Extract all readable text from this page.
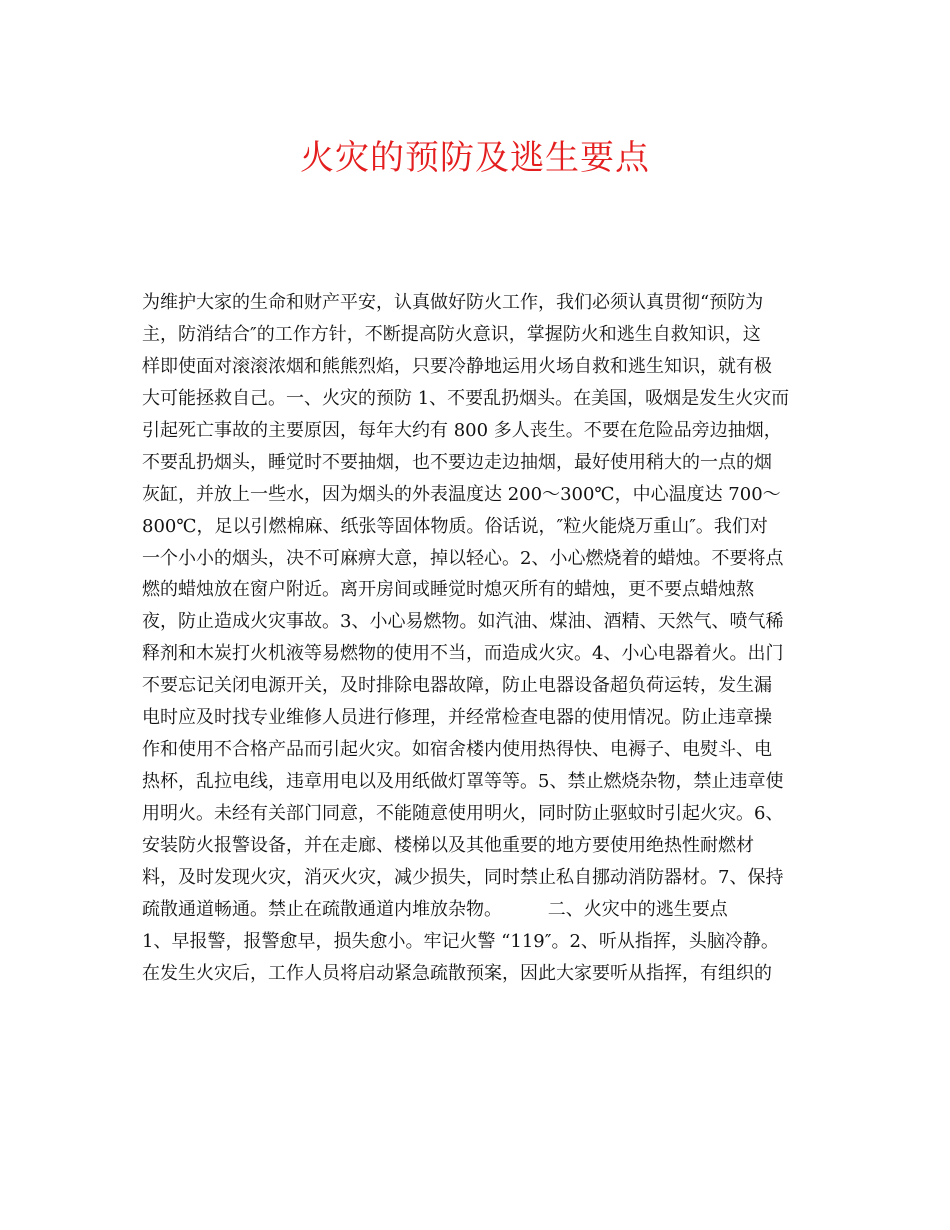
火灾的预防及逃生要点
为维护大家的生命和财产平安，认真做好防火工作，我们必须认真贯彻“预防为
主，防消结合″的工作方针，不断提高防火意识，掌握防火和逃生自救知识，这
样即使面对滚滚浓烟和熊熊烈焰，只要冷静地运用火场自救和逃生知识，就有极
大可能拯救自己。一、火灾的预防 1、不要乱扔烟头。在美国，吸烟是发生火灾而
引起死亡事故的主要原因，每年大约有 800 多人丧生。不要在危险品旁边抽烟，
不要乱扔烟头，睡觉时不要抽烟，也不要边走边抽烟，最好使用稍大的一点的烟
灰缸，并放上一些水，因为烟头的外表温度达 200～300℃，中心温度达 700～
800℃，足以引燃棉麻、纸张等固体物质。俗话说，″粒火能烧万重山″。我们对
一个小小的烟头，决不可麻痹大意，掉以轻心。2、小心燃烧着的蜡烛。不要将点
燃的蜡烛放在窗户附近。离开房间或睡觉时熄灭所有的蜡烛，更不要点蜡烛熬
夜，防止造成火灾事故。3、小心易燃物。如汽油、煤油、酒精、天然气、喷气稀
释剂和木炭打火机液等易燃物的使用不当，而造成火灾。4、小心电器着火。出门
不要忘记关闭电源开关，及时排除电器故障，防止电器设备超负荷运转，发生漏
电时应及时找专业维修人员进行修理，并经常检查电器的使用情况。防止违章操
作和使用不合格产品而引起火灾。如宿舍楼内使用热得快、电褥子、电熨斗、电
热杯，乱拉电线，违章用电以及用纸做灯罩等等。5、禁止燃烧杂物，禁止违章使
用明火。未经有关部门同意，不能随意使用明火，同时防止驱蚊时引起火灾。6、
安装防火报警设备，并在走廊、楼梯以及其他重要的地方要使用绝热性耐燃材
料，及时发现火灾，消灭火灾，减少损失，同时禁止私自挪动消防器材。7、保持
疏散通道畅通。禁止在疏散通道内堆放杂物。        二、火灾中的逃生要点
1、早报警，报警愈早，损失愈小。牢记火警 “119″。2、听从指挥，头脑冷静。
在发生火灾后，工作人员将启动紧急疏散预案，因此大家要听从指挥，有组织的
